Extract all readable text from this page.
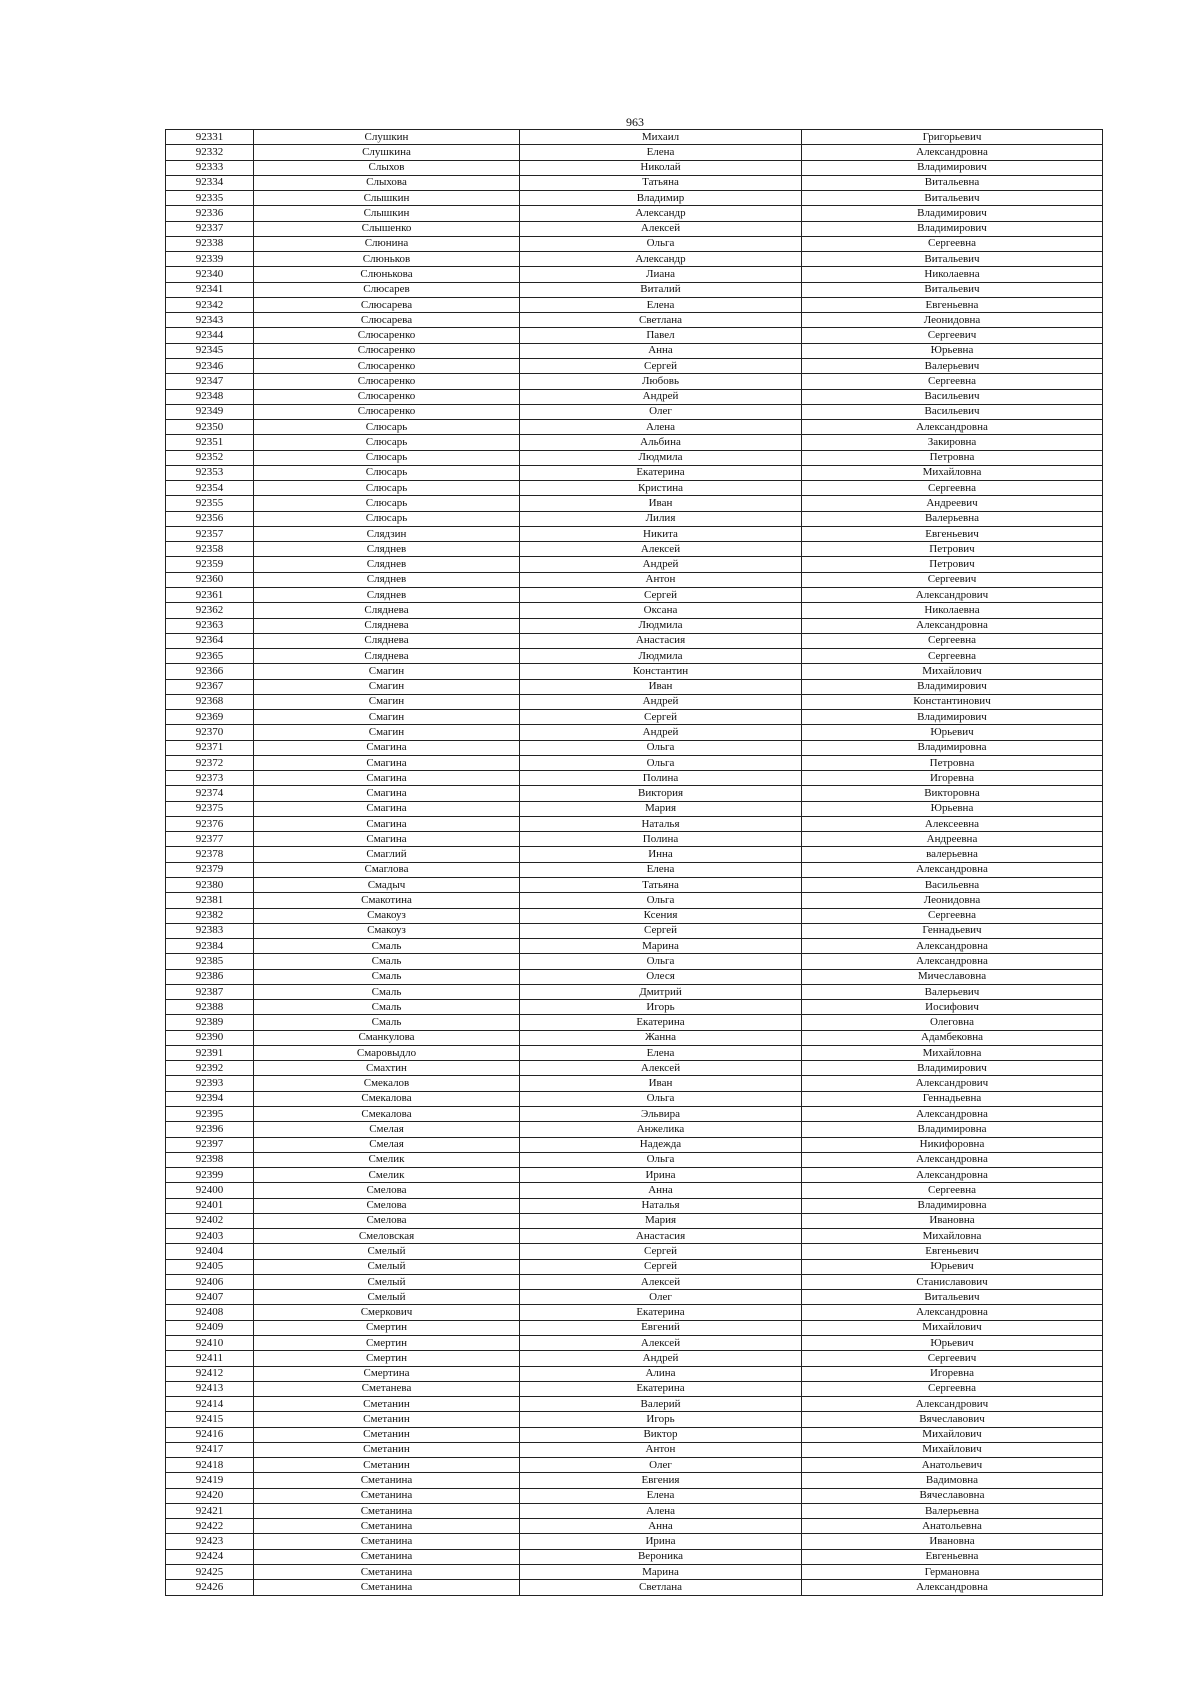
963
92331	Слушкин	Михаил	Григорьевич
92332	Слушкина	Елена	Александровна
92333	Слыхов	Николай	Владимирович
92334	Слыхова	Татьяна	Витальевна
92335	Слышкин	Владимир	Витальевич
92336	Слышкин	Александр	Владимирович
92337	Слышенко	Алексей	Владимирович
92338	Слюнина	Ольга	Сергеевна
92339	Слюньков	Александр	Витальевич
92340	Слюнькова	Лиана	Николаевна
92341	Слюсарев	Виталий	Витальевич
92342	Слюсарева	Елена	Евгеньевна
92343	Слюсарева	Светлана	Леонидовна
92344	Слюсаренко	Павел	Сергеевич
92345	Слюсаренко	Анна	Юрьевна
92346	Слюсаренко	Сергей	Валерьевич
92347	Слюсаренко	Любовь	Сергеевна
92348	Слюсаренко	Андрей	Васильевич
92349	Слюсаренко	Олег	Васильевич
92350	Слюсарь	Алена	Александровна
92351	Слюсарь	Альбина	Закировна
92352	Слюсарь	Людмила	Петровна
92353	Слюсарь	Екатерина	Михайловна
92354	Слюсарь	Кристина	Сергеевна
92355	Слюсарь	Иван	Андреевич
92356	Слюсарь	Лилия	Валерьевна
92357	Слядзин	Никита	Евгеньевич
92358	Сляднев	Алексей	Петрович
92359	Сляднев	Андрей	Петрович
92360	Сляднев	Антон	Сергеевич
92361	Сляднев	Сергей	Александрович
92362	Сляднева	Оксана	Николаевна
92363	Сляднева	Людмила	Александровна
92364	Сляднева	Анастасия	Сергеевна
92365	Сляднева	Людмила	Сергеевна
92366	Смагин	Константин	Михайлович
92367	Смагин	Иван	Владимирович
92368	Смагин	Андрей	Константинович
92369	Смагин	Сергей	Владимирович
92370	Смагин	Андрей	Юрьевич
92371	Смагина	Ольга	Владимировна
92372	Смагина	Ольга	Петровна
92373	Смагина	Полина	Игоревна
92374	Смагина	Виктория	Викторовна
92375	Смагина	Мария	Юрьевна
92376	Смагина	Наталья	Алексеевна
92377	Смагина	Полина	Андреевна
92378	Смаглий	Инна	валерьевна
92379	Смаглова	Елена	Александровна
92380	Смадыч	Татьяна	Васильевна
92381	Смакотина	Ольга	Леонидовна
92382	Смакоуз	Ксения	Сергеевна
92383	Смакоуз	Сергей	Геннадьевич
92384	Смаль	Марина	Александровна
92385	Смаль	Ольга	Александровна
92386	Смаль	Олеся	Мичеславовна
92387	Смаль	Дмитрий	Валерьевич
92388	Смаль	Игорь	Иосифович
92389	Смаль	Екатерина	Олеговна
92390	Сманкулова	Жанна	Адамбековна
92391	Смаровыдло	Елена	Михайловна
92392	Смахтин	Алексей	Владимирович
92393	Смекалов	Иван	Александрович
92394	Смекалова	Ольга	Геннадьевна
92395	Смекалова	Эльвира	Александровна
92396	Смелая	Анжелика	Владимировна
92397	Смелая	Надежда	Никифоровна
92398	Смелик	Ольга	Александровна
92399	Смелик	Ирина	Александровна
92400	Смелова	Анна	Сергеевна
92401	Смелова	Наталья	Владимировна
92402	Смелова	Мария	Ивановна
92403	Смеловская	Анастасия	Михайловна
92404	Смелый	Сергей	Евгеньевич
92405	Смелый	Сергей	Юрьевич
92406	Смелый	Алексей	Станиславович
92407	Смелый	Олег	Витальевич
92408	Смеркович	Екатерина	Александровна
92409	Смертин	Евгений	Михайлович
92410	Смертин	Алексей	Юрьевич
92411	Смертин	Андрей	Сергеевич
92412	Смертина	Алина	Игоревна
92413	Сметанева	Екатерина	Сергеевна
92414	Сметанин	Валерий	Александрович
92415	Сметанин	Игорь	Вячеславович
92416	Сметанин	Виктор	Михайлович
92417	Сметанин	Антон	Михайлович
92418	Сметанин	Олег	Анатольевич
92419	Сметанина	Евгения	Вадимовна
92420	Сметанина	Елена	Вячеславовна
92421	Сметанина	Алена	Валерьевна
92422	Сметанина	Анна	Анатольевна
92423	Сметанина	Ирина	Ивановна
92424	Сметанина	Вероника	Евгеньевна
92425	Сметанина	Марина	Германовна
92426	Сметанина	Светлана	Александровна
